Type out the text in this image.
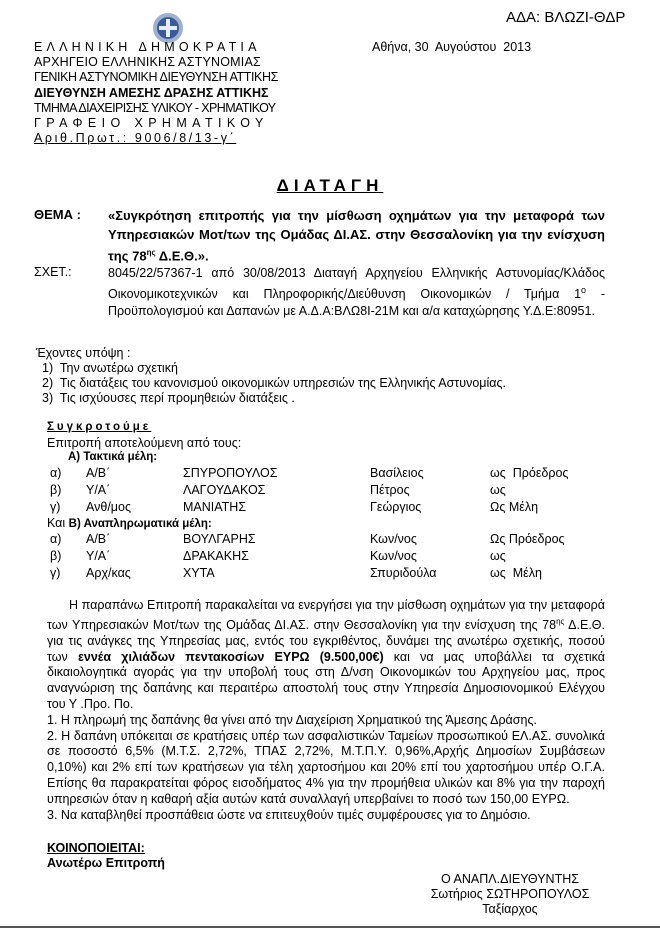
ΑΔΑ: ΒΛΩΖΙ-ΘΔΡ
ΕΛΛΗΝΙΚΗ ΔΗΜΟΚΡΑΤΙΑ
ΑΡΧΗΓΕΙΟ ΕΛΛΗΝΙΚΗΣ ΑΣΤΥΝΟΜΙΑΣ
ΓΕΝΙΚΗ ΑΣΤΥΝΟΜΙΚΗ ΔΙΕΥΘΥΝΣΗ ΑΤΤΙΚΗΣ
ΔΙΕΥΘΥΝΣΗ ΑΜΕΣΗΣ ΔΡΑΣΗΣ ΑΤΤΙΚΗΣ
ΤΜΗΜΑ ΔΙΑΧΕΙΡΙΣΗΣ ΥΛΙΚΟΥ - ΧΡΗΜΑΤΙΚΟΥ
ΓΡΑΦΕΙΟ ΧΡΗΜΑΤΙΚΟΥ
Αριθ.Πρωτ.: 9006/8/13-γ΄
Αθήνα, 30  Αυγούστου  2013
ΔΙΑΤΑΓΗ
ΘΕΜΑ : «Συγκρότηση επιτροπής για την μίσθωση οχημάτων για την μεταφορά των Υπηρεσιακών Μοτ/των της Ομάδας ΔΙ.ΑΣ. στην Θεσσαλονίκη για την ενίσχυση της $78^{\eta\varsigma}$ Δ.Ε.Θ.».
ΣΧΕΤ.:	8045/22/57367-1 από 30/08/2013 Διαταγή Αρχηγείου Ελληνικής Αστυνομίας/Κλάδος Οικονομικοτεχνικών και Πληροφορικής/Διεύθυνση Οικονομικών / Τμήμα $1^o$ - Προϋπολογισμού και Δαπανών με Α.Δ.Α:ΒΛΩ8Ι-21Μ και α/α καταχώρησης Υ.Δ.Ε:80951.
Έχοντες υπόψη :
1)  Την ανωτέρω σχετική
2)  Τις διατάξεις του κανονισμού οικονομικών υπηρεσιών της Ελληνικής Αστυνομίας.
3)  Τις ισχύουσες περί προμηθειών διατάξεις .
Συγκροτούμε
Επιτροπή αποτελούμενη από τους:
Α) Τακτικά μέλη:
α) Α/Β΄	ΣΠΥΡΟΠΟΥΛΟΣ	Βασίλειος	ως  Πρόεδρος
β) Υ/Α΄	ΛΑΓΟΥΔΑΚΟΣ	Πέτρος	ως
γ) Ανθ/μος	ΜΑΝΙΑΤΗΣ	Γεώργιος	Ως Μέλη
Και Β) Αναπληρωματικά μέλη:
α) Α/Β΄	ΒΟΥΛΓΑΡΗΣ	Κων/νος	Ως Πρόεδρος
β) Υ/Α΄	ΔΡΑΚΑΚΗΣ	Κων/νος	ως
γ) Αρχ/κας	ΧΥΤΑ	Σπυριδούλα	ως  Μέλη

Η παραπάνω Επιτροπή παρακαλείται να ενεργήσει για την μίσθωση οχημάτων για την μεταφορά των Υπηρεσιακών Μοτ/των της Ομάδας ΔΙ.ΑΣ. στην Θεσσαλονίκη για την ενίσχυση της $78^{\eta\varsigma}$ Δ.Ε.Θ. για τις ανάγκες της Υπηρεσίας μας, εντός του εγκριθέντος, δυνάμει της ανωτέρω σχετικής, ποσού των εννέα χιλιάδων πεντακοσίων ΕΥΡΩ (9.500,00€) και να μας υποβάλλει τα σχετικά δικαιολογητικά αγοράς για την υποβολή τους στη Δ/νση Οικονομικών του Αρχηγείου μας, προς αναγνώριση της δαπάνης και περαιτέρω αποστολή τους στην Υπηρεσία Δημοσιονομικού Ελέγχου του Υ .Προ. Πο.

1. Η πληρωμή της δαπάνης θα γίνει από την Διαχείριση Χρηματικού της Άμεσης Δράσης.

2. Η δαπάνη υπόκειται σε κρατήσεις υπέρ των ασφαλιστικών Ταμείων προσωπικού ΕΛ.ΑΣ. συνολικά σε ποσοστό 6,5% (Μ.Τ.Σ. 2,72%, ΤΠΑΣ 2,72%, Μ.Τ.Π.Υ. 0,96%,Αρχής Δημοσίων Συμβάσεων 0,10%) και 2% επί των κρατήσεων για τέλη χαρτοσήμου και 20% επί του χαρτοσήμου υπέρ Ο.Γ.Α. Επίσης θα παρακρατείται φόρος εισοδήματος 4% για την προμήθεια υλικών και 8% για την παροχή υπηρεσιών όταν η καθαρή αξία αυτών κατά συναλλαγή υπερβαίνει το ποσό των 150,00 ΕΥΡΩ.

3. Να καταβληθεί προσπάθεια ώστε να επιτευχθούν τιμές συμφέρουσες για το Δημόσιο.

ΚΟΙΝΟΠΟΙΕΙΤΑΙ:
Ανωτέρω Επιτροπή
Ο ΑΝΑΠΛ.ΔΙΕΥΘΥΝΤΗΣ
Σωτήριος ΣΩΤΗΡΟΠΟΥΛΟΣ
Ταξίαρχος
